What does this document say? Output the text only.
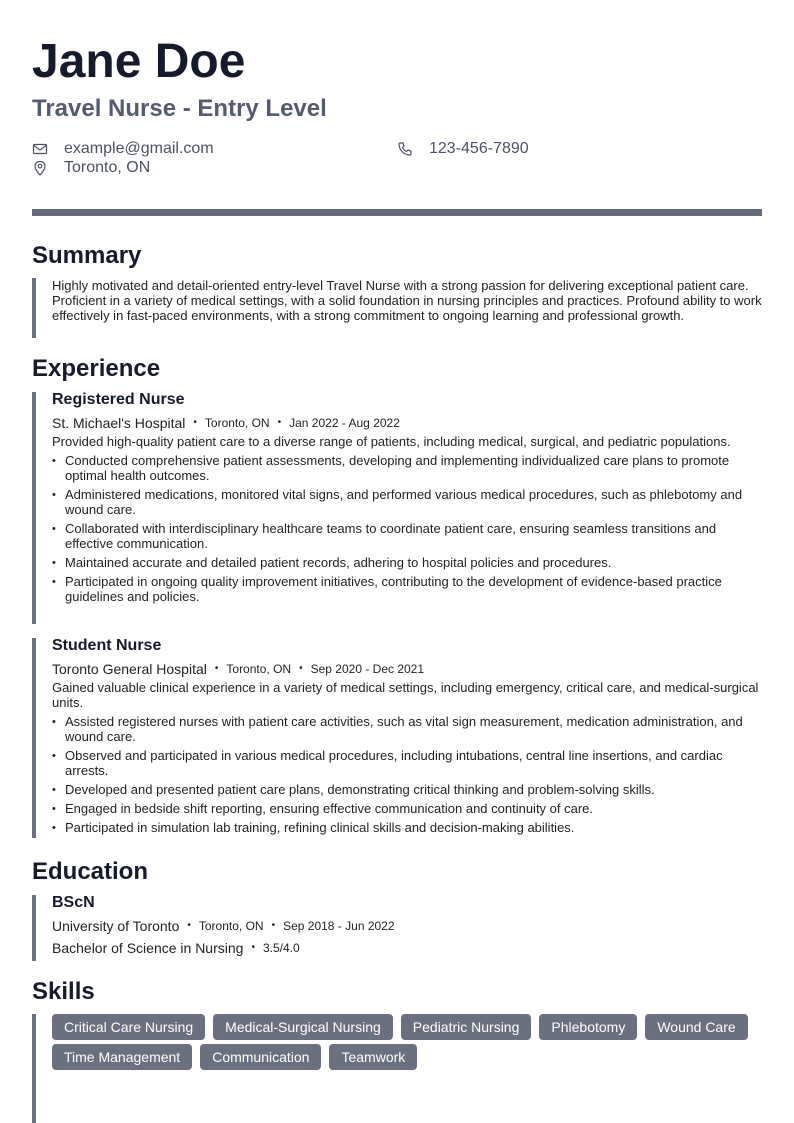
Jane Doe
Travel Nurse - Entry Level
example@gmail.com	123-456-7890
Toronto, ON
Summary

Highly motivated and detail-oriented entry-level Travel Nurse with a strong passion for delivering exceptional patient care. Proficient in a variety of medical settings, with a solid foundation in nursing principles and practices. Profound ability to work effectively in fast-paced environments, with a strong commitment to ongoing learning and professional growth.

Experience
Registered Nurse
St. Michael's Hospital • Toronto, ON • Jan 2022 - Aug 2022

Provided high-quality patient care to a diverse range of patients, including medical, surgical, and pediatric populations.

• Conducted comprehensive patient assessments, developing and implementing individualized care plans to promote optimal health outcomes.
• Administered medications, monitored vital signs, and performed various medical procedures, such as phlebotomy and wound care.
• Collaborated with interdisciplinary healthcare teams to coordinate patient care, ensuring seamless transitions and effective communication.
• Maintained accurate and detailed patient records, adhering to hospital policies and procedures.
• Participated in ongoing quality improvement initiatives, contributing to the development of evidence-based practice guidelines and policies.
Student Nurse
Toronto General Hospital • Toronto, ON • Sep 2020 - Dec 2021

Gained valuable clinical experience in a variety of medical settings, including emergency, critical care, and medical-surgical units.

• Assisted registered nurses with patient care activities, such as vital sign measurement, medication administration, and wound care.
• Observed and participated in various medical procedures, including intubations, central line insertions, and cardiac arrests.
• Developed and presented patient care plans, demonstrating critical thinking and problem-solving skills.
• Engaged in bedside shift reporting, ensuring effective communication and continuity of care.
• Participated in simulation lab training, refining clinical skills and decision-making abilities.
Education
BScN
University of Toronto • Toronto, ON • Sep 2018 - Jun 2022
Bachelor of Science in Nursing • 3.5/4.0
Skills
Critical Care Nursing	Medical-Surgical Nursing	Pediatric Nursing	Phlebotomy	Wound Care
Time Management	Communication	Teamwork
